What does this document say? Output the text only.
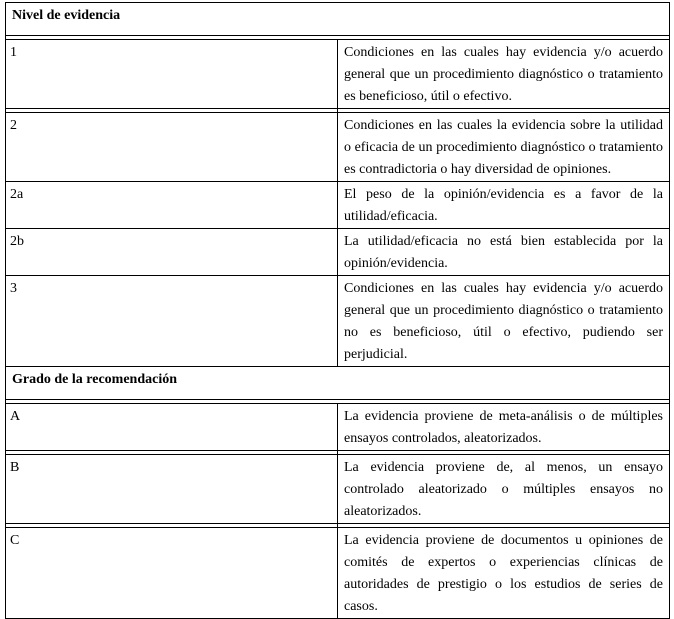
Nivel de evidencia	

1	Condiciones en las cuales hay evidencia y/o acuerdo general que un procedimiento diagnóstico o tratamiento es beneficioso, útil o efectivo.

2	Condiciones en las cuales la evidencia sobre la utilidad o eficacia de un procedimiento diagnóstico o tratamiento es contradictoria o hay diversidad de opiniones.
2a	El peso de la opinión/evidencia es a favor de la utilidad/eficacia.
2b	La utilidad/eficacia no está bien establecida por la opinión/evidencia.
3	Condiciones en las cuales hay evidencia y/o acuerdo general que un procedimiento diagnóstico o tratamiento no es beneficioso, útil o efectivo, pudiendo ser perjudicial.
Grado de la recomendación	

A	La evidencia proviene de meta-análisis o de múltiples ensayos controlados, aleatorizados.

B	La evidencia proviene de, al menos, un ensayo controlado aleatorizado o múltiples ensayos no aleatorizados.

C	La evidencia proviene de documentos u opiniones de comités de expertos o experiencias clínicas de autoridades de prestigio o los estudios de series de casos.
